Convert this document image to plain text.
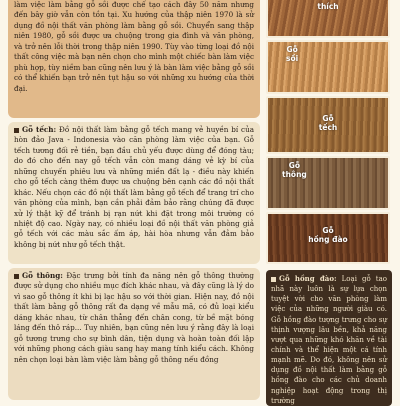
làm việc làm bằng gỗ sồi được chế tạo cách đây 50 năm nhưng đến bây giờ vẫn còn tồn tại. Xu hướng của thập niên 1970 là sử dụng đồ nội thất văn phòng làm bằng gỗ sồi. Chuyển sang thập niên 1980, gỗ sồi được ưa chuộng trong gia đình và văn phòng, và trở nên lỗi thời trong thập niên 1990. Tùy vào từng loại đồ nội thất công việc mà bạn nên chọn cho mình một chiếc bàn làm việc phù hợp, tùy niềm ban cũng nên lưu ý là bàn làm việc bằng gỗ sồi có thể khiến bạn trở nên tụt hậu so với những xu hướng của thời đại.

Gỗ tếch: Đồ nội thất làm bằng gỗ tếch mang vẻ huyền bí của hòn đảo Java - Indonesia vào căn phòng làm việc của bạn. Gỗ tếch tương đối rẻ tiền, bạn đầu chủ yếu được dùng để đóng tàu; do đó cho đến nay gỗ tếch vẫn còn mang dáng vẻ kỳ bí của những chuyến phiêu lưu và những miền đất lạ - điều này khiến cho gỗ tếch càng thêm được ưa chuộng bên cạnh các đồ nội thất khác. Nếu chọn các đồ nội thất làm bằng gỗ tếch để trang trí cho văn phòng của mình, bạn cần phải đảm bảo rằng chúng đã được xử lý thật kỹ để tránh bị rạn nứt khi đặt trong môi trường có nhiệt độ cao. Ngày nay, có nhiều loại đồ nội thất văn phòng giả gỗ tếch với các màu sắc ấm áp, hài hòa nhưng vẫn đảm bảo không bị nứt như gỗ tếch thật.

Gỗ thông: Đặc trưng bởi tính đa năng nên gỗ thông thường được sử dụng cho nhiều mục đích khác nhau, và đây cũng là lý do vì sao gỗ thông ít khi bị lạc hậu so với thời gian. Hiện nay, đồ nội thất làm bằng gỗ thông rất đa dạng về mẫu mã, có đủ loại kiểu dáng khác nhau, từ chân thẳng đến chân cong, từ bề mặt bóng láng đến thô ráp... Tuy nhiên, bạn cũng nên lưu ý rằng đây là loại gỗ tương trưng cho sự bình dân, tiện dụng và hoàn toàn đối lập với những phong cách giàu sang hay mang tính kiểu cách. Không nên chọn loại bàn làm việc làm bằng gỗ thông nếu đồng

thích
Gỗ
sồi
Gỗ
tếch
Gỗ
thông
Gỗ
hồng đào

Gỗ hồng đào: Loại gỗ tao nhã này luôn là sự lựa chọn tuyệt vời cho văn phòng làm việc của những người giàu có. Gỗ hồng đào tượng trưng cho sự thịnh vượng lâu bền, khả năng vượt qua những khó khăn về tài chính và thể hiện một cá tính mạnh mẽ. Do đó, không nên sử dụng đồ nội thất làm bằng gỗ hồng đào cho các chủ doanh nghiệp hoạt động trong thị trường
